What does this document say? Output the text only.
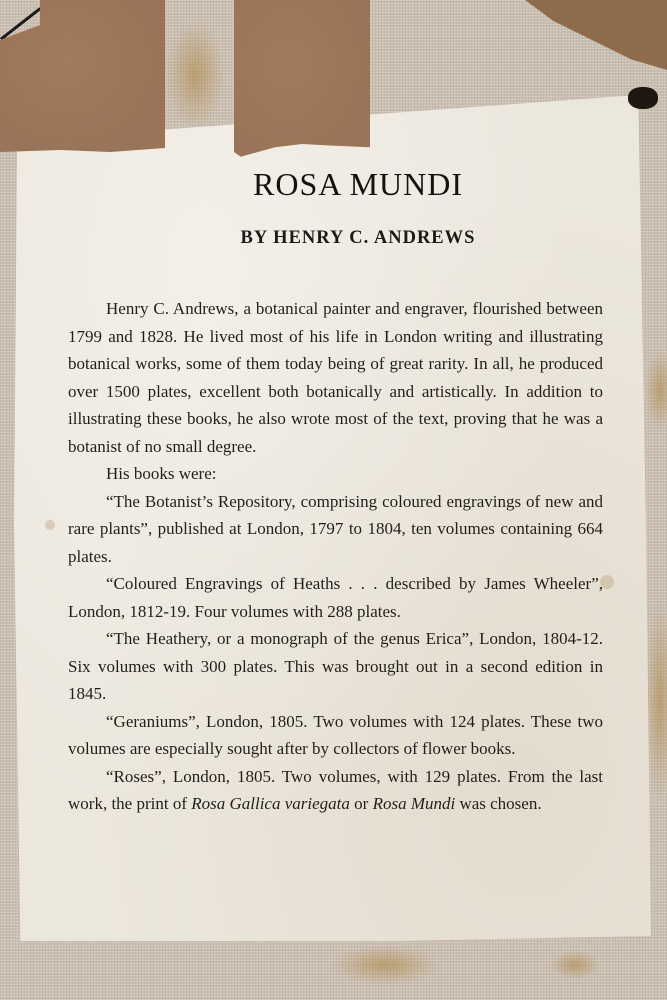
ROSA MUNDI
BY HENRY C. ANDREWS

Henry C. Andrews, a botanical painter and engraver, flourished between 1799 and 1828. He lived most of his life in London writing and illustrating botanical works, some of them today being of great rarity. In all, he produced over 1500 plates, excellent both botanically and artistically. In addition to illustrating these books, he also wrote most of the text, proving that he was a botanist of no small degree.

His books were:

“The Botanist’s Repository, comprising coloured engravings of new and rare plants”, published at London, 1797 to 1804, ten volumes containing 664 plates.

“Coloured Engravings of Heaths . . . described by James Wheeler”, London, 1812-19. Four volumes with 288 plates.

“The Heathery, or a monograph of the genus Erica”, London, 1804-12. Six volumes with 300 plates. This was brought out in a second edition in 1845.

“Geraniums”, London, 1805. Two volumes with 124 plates. These two volumes are especially sought after by collectors of flower books.

“Roses”, London, 1805. Two volumes, with 129 plates. From the last work, the print of Rosa Gallica variegata or Rosa Mundi was chosen.
